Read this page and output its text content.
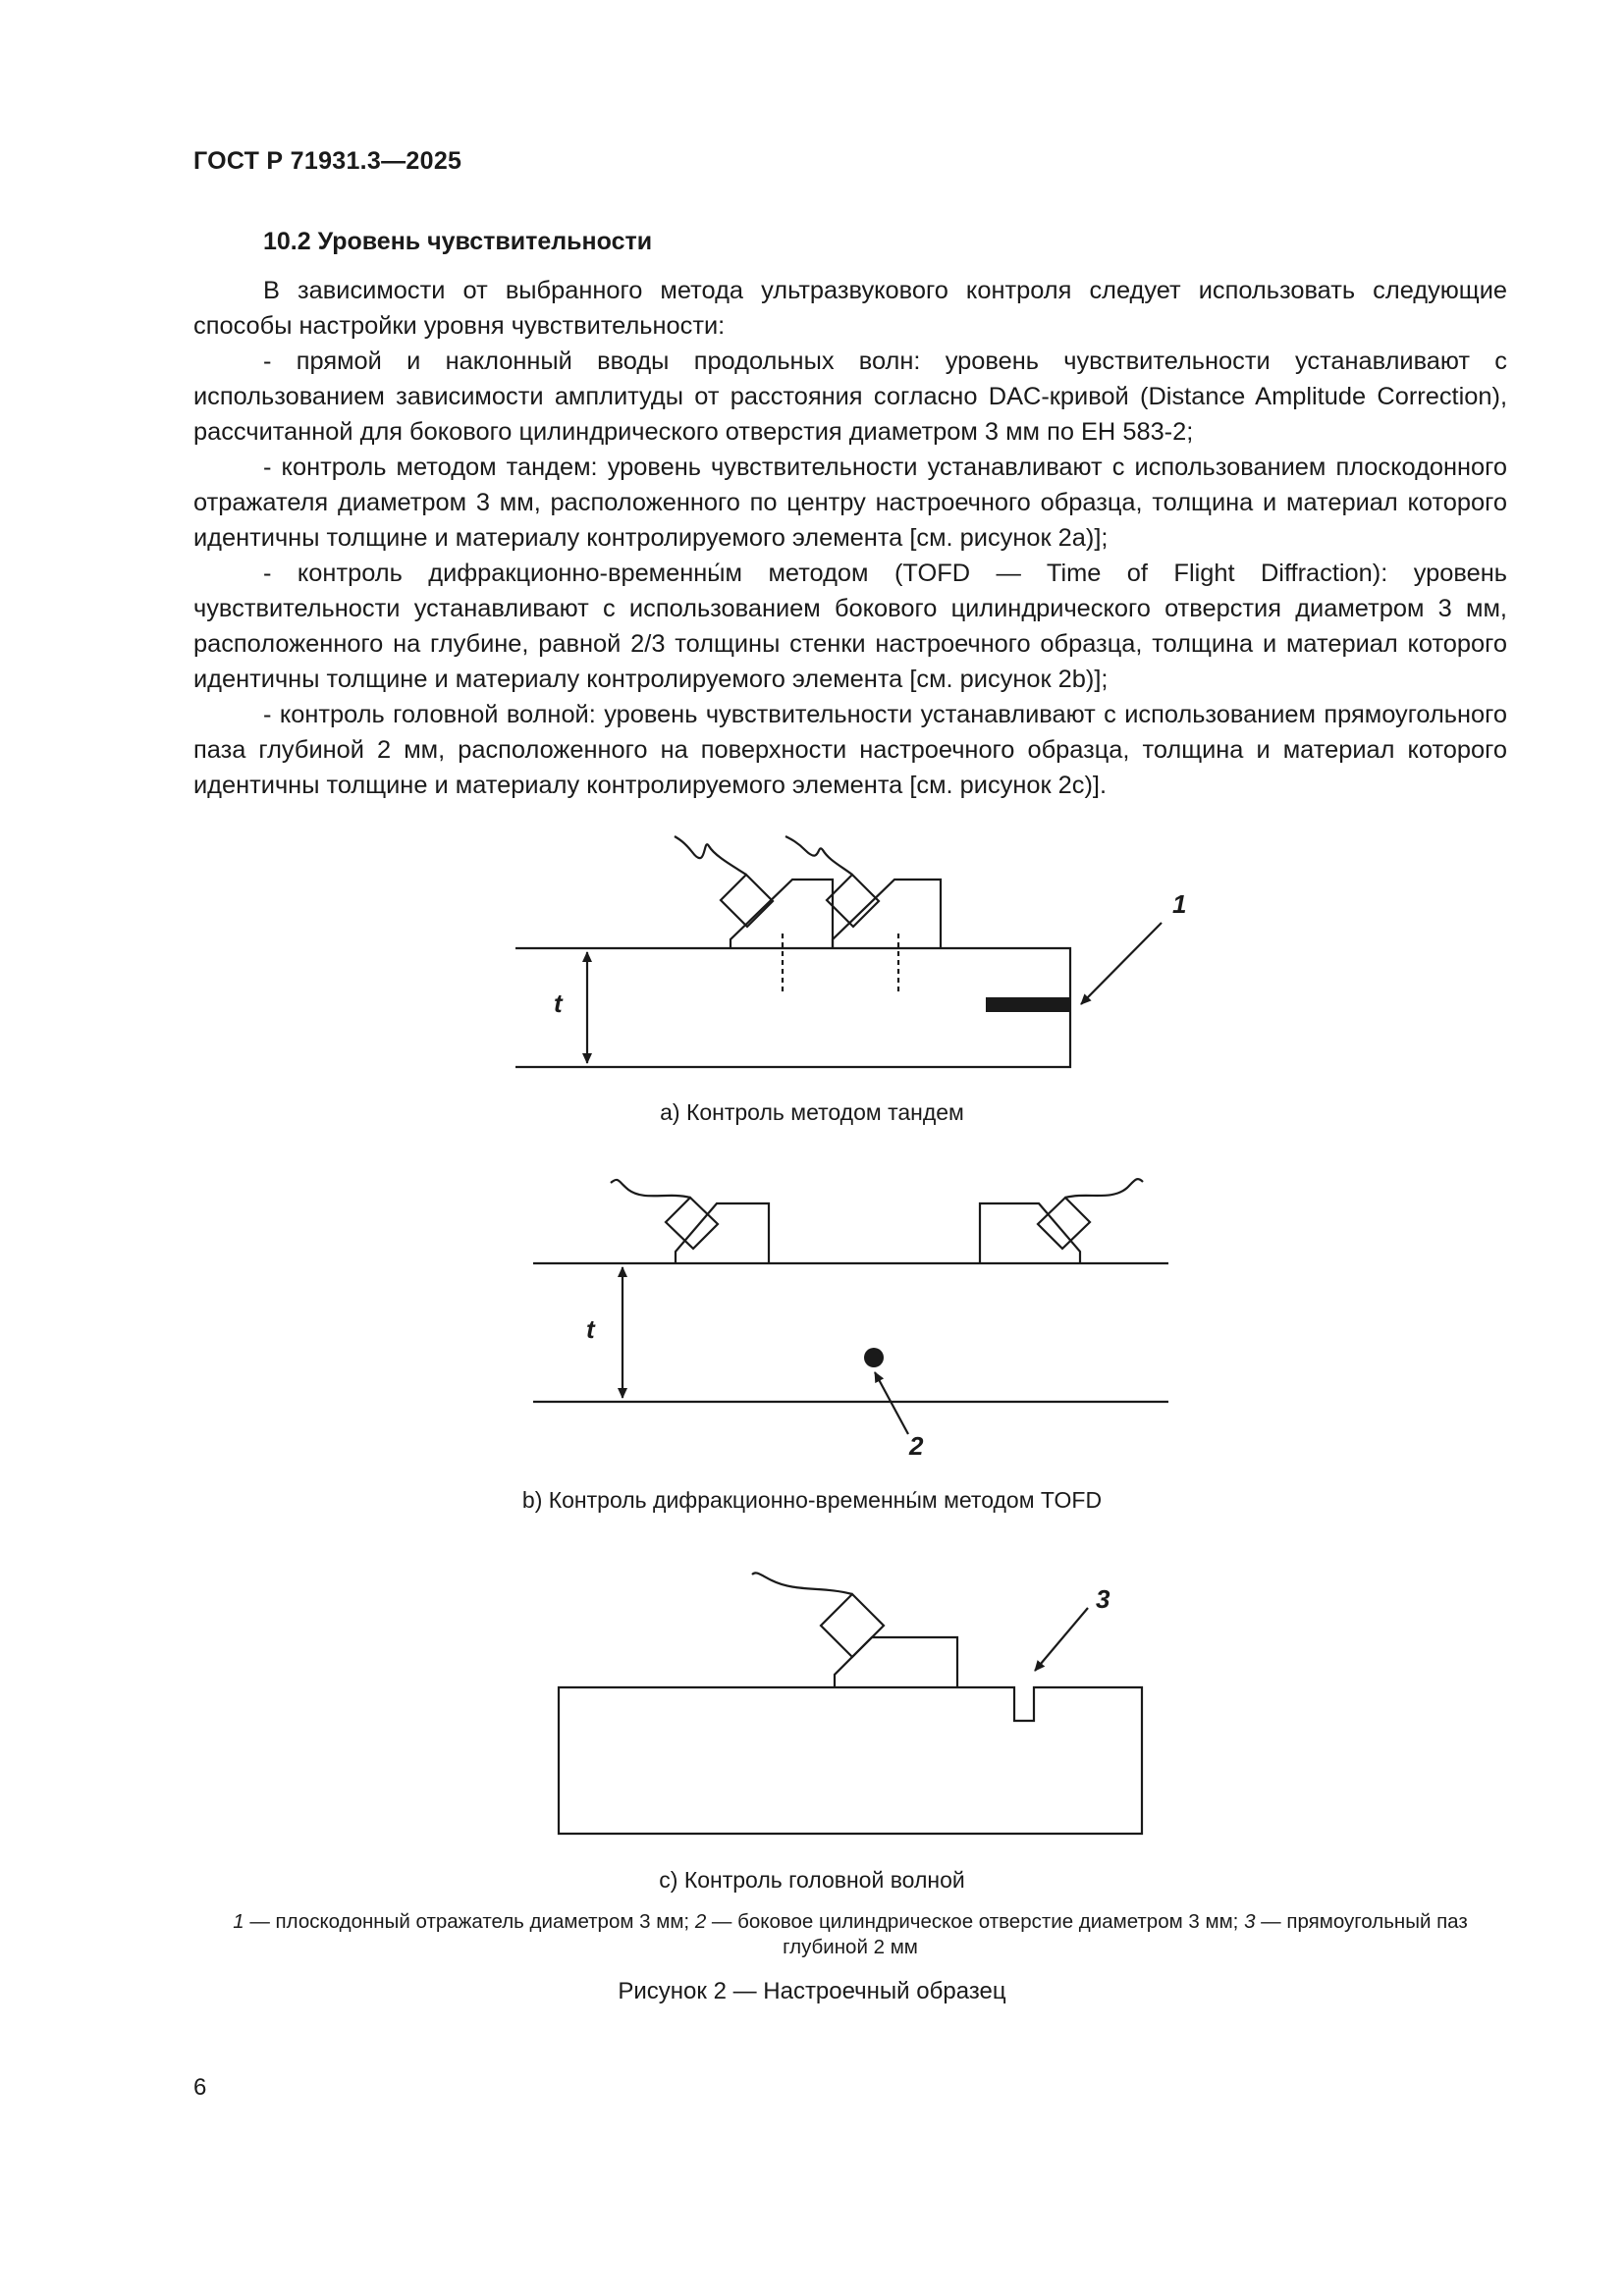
ГОСТ Р 71931.3—2025
10.2 Уровень чувствительности

В зависимости от выбранного метода ультразвукового контроля следует использовать следующие способы настройки уровня чувствительности:

- прямой и наклонный вводы продольных волн: уровень чувствительности устанавливают с использованием зависимости амплитуды от расстояния согласно DAC-кривой (Distance Amplitude Correction), рассчитанной для бокового цилиндрического отверстия диаметром 3 мм по ЕН 583-2;

- контроль методом тандем: уровень чувствительности устанавливают с использованием плоскодонного отражателя диаметром 3 мм, расположенного по центру настроечного образца, толщина и материал которого идентичны толщине и материалу контролируемого элемента [см. рисунок 2a)];

- контроль дифракционно-временны́м методом (TOFD — Time of Flight Diffraction): уровень чувствительности устанавливают с использованием бокового цилиндрического отверстия диаметром 3 мм, расположенного на глубине, равной 2/3 толщины стенки настроечного образца, толщина и материал которого идентичны толщине и материалу контролируемого элемента [см. рисунок 2b)];

- контроль головной волной: уровень чувствительности устанавливают с использованием прямоугольного паза глубиной 2 мм, расположенного на поверхности настроечного образца, толщина и материал которого идентичны толщине и материалу контролируемого элемента [см. рисунок 2c)].

t
1
t
2
3
a) Контроль методом тандем
b) Контроль дифракционно-временны́м методом TOFD
c) Контроль головной волной
1 — плоскодонный отражатель диаметром 3 мм; 2 — боковое цилиндрическое отверстие диаметром 3 мм; 3 — прямоугольный паз глубиной 2 мм
Рисунок 2 — Настроечный образец
6
